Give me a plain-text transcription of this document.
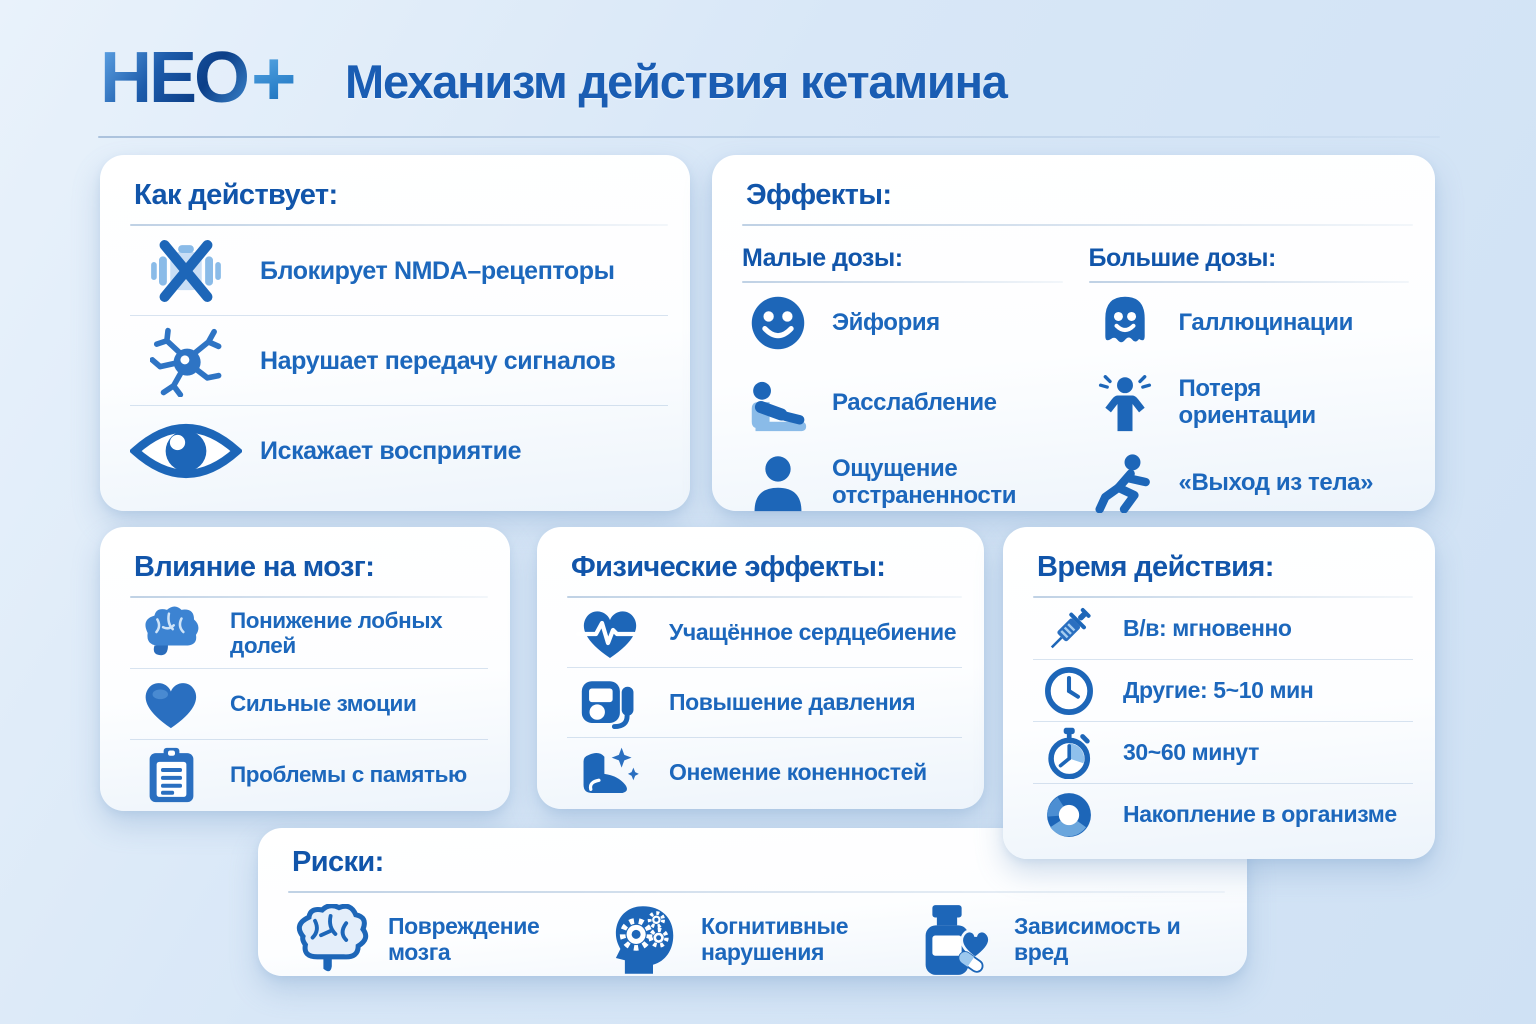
НЕО + Механизм действия кетамина
Как действует:
Блокирует NMDA–рецепторы
Нарушает передачу сигналов
Искажает восприятие
Эффекты:
Малые дозы:
Эйфория
Расслабление
Ощущение отстраненности
Большие дозы:
Галлюцинации
Потеря ориентации
«Выход из тела»
Влияние на мозг:
Понижение лобных долей
Сильные змоции
Проблемы с памятью
Физические эффекты:
Учащённое сердцебиение
Повышение давления
Онемение коненностей
Время действия:
В/в: мгновенно
Другие: 5~10 мин
30~60 минут
Накопление в организме
Риски:
Повреждение мозга
Когнитивные нарушения
Зависимость и вред
